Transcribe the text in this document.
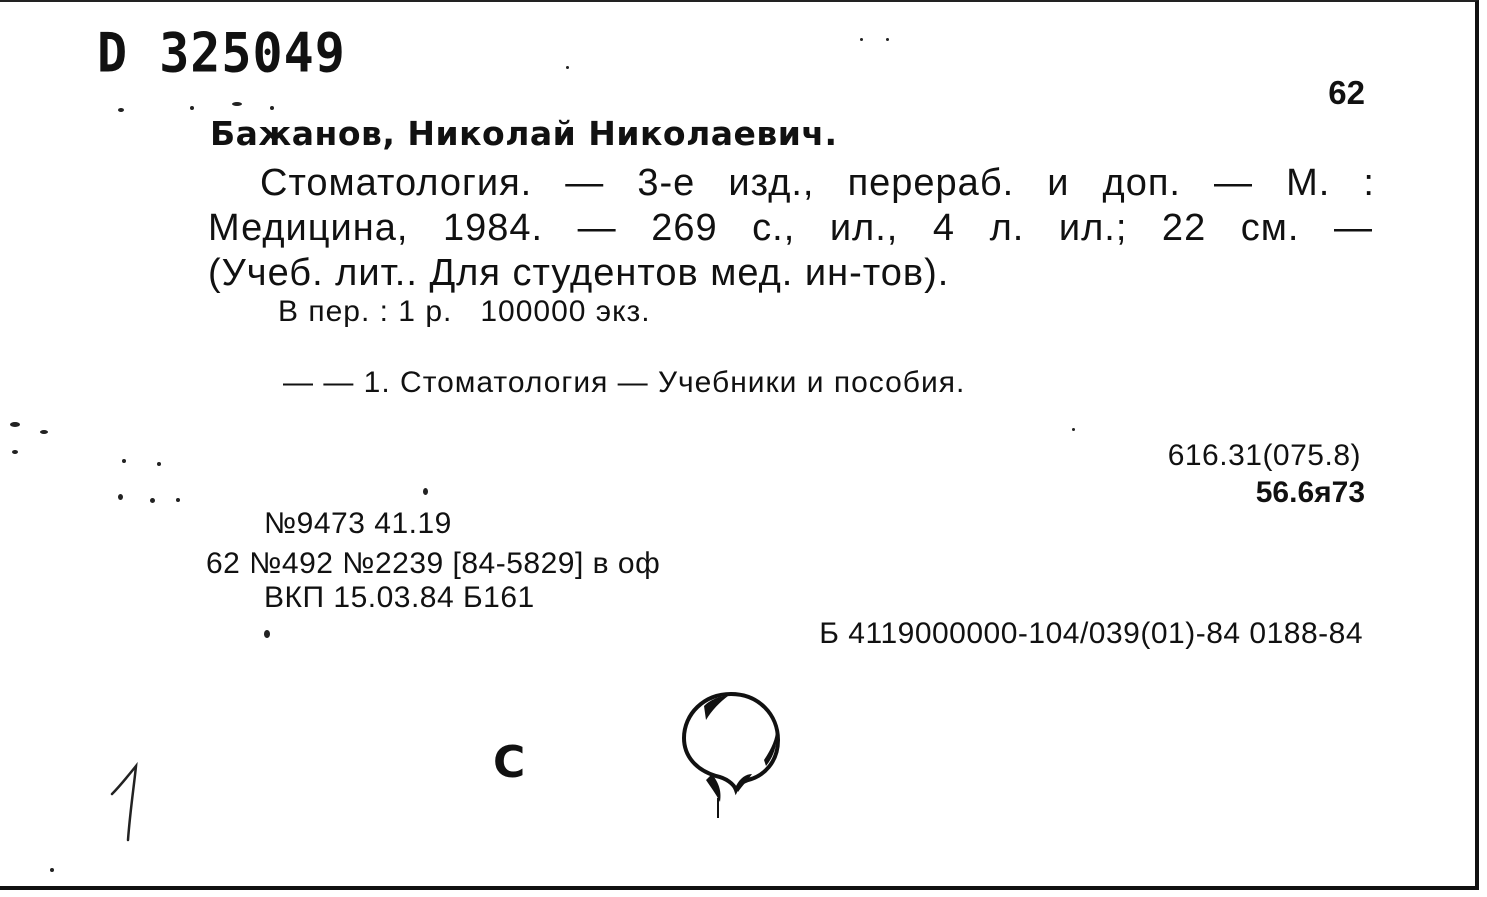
D 325049
62
Бажанов, Николай Николаевич.
Стоматология. — 3-е изд., перераб. и доп. — М. :
Медицина, 1984. — 269 с., ил., 4 л. ил.; 22 см. —
(Учеб. лит.. Для студентов мед. ин-тов).
В пер. : 1 р.   100000 экз.
— — 1. Стоматология — Учебники и пособия.
616.31(075.8)
56.6я73
№9473 41.19
62 №492 №2239 [84-5829] в оф
ВКП 15.03.84 Б161
Б 4119000000-104/039(01)-84 0188-84
С
